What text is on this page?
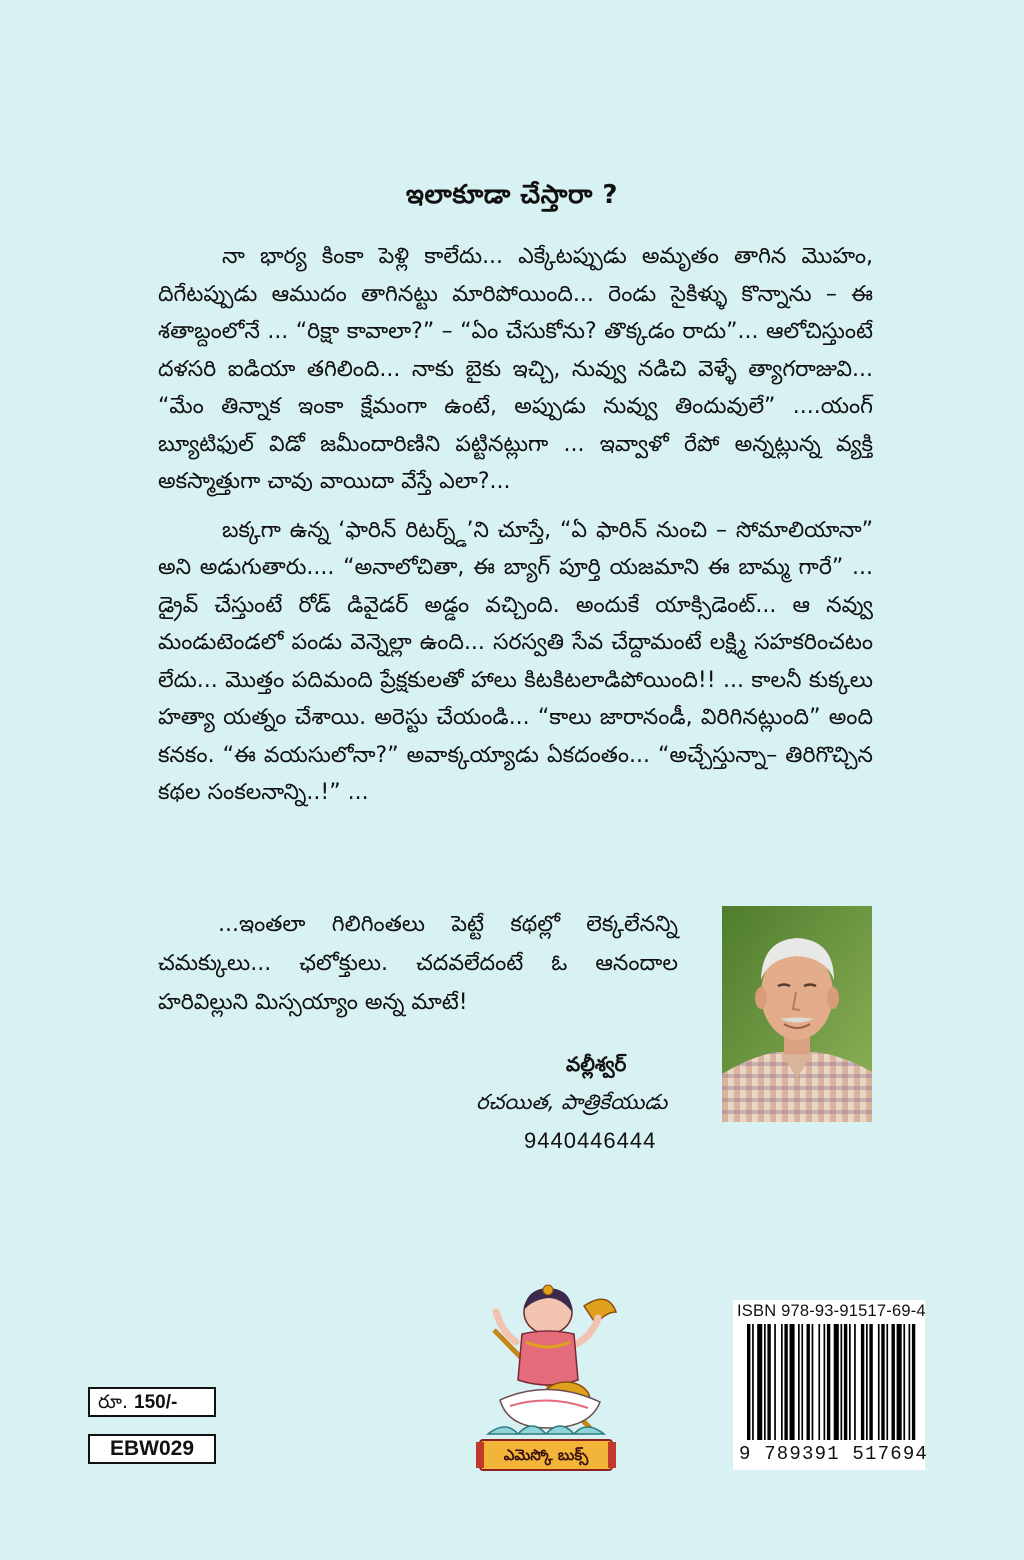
ఇలాకూడా చేస్తారా ?

నా భార్య కింకా పెళ్లి కాలేదు... ఎక్కేటప్పుడు అమృతం తాగిన మొహం, దిగేటప్పుడు ఆముదం తాగినట్టు మారిపోయింది... రెండు సైకిళ్ళు కొన్నాను – ఈ శతాబ్దంలోనే ... “రిక్షా కావాలా?” – “ఏం చేసుకోను? తొక్కడం రాదు”... ఆలోచిస్తుంటే దళసరి ఐడియా తగిలింది... నాకు బైకు ఇచ్చి, నువ్వు నడిచి వెళ్ళే త్యాగరాజువి... “మేం తిన్నాక ఇంకా క్షేమంగా ఉంటే, అప్పుడు నువ్వు తిందువులే” ....యంగ్ బ్యూటిఫుల్ విడో జమీందారిణిని పట్టినట్లుగా ... ఇవ్వాళో రేపో అన్నట్లున్న వ్యక్తి అకస్మాత్తుగా చావు వాయిదా వేస్తే ఎలా?...

బక్కగా ఉన్న ‘ఫారిన్ రిటర్న్డ్’ని చూస్తే, “ఏ ఫారిన్ నుంచి – సోమాలియానా” అని అడుగుతారు.... “అనాలోచితా, ఈ బ్యాగ్ పూర్తి యజమాని ఈ బామ్మ గారే” ... డ్రైవ్ చేస్తుంటే రోడ్ డివైడర్ అడ్డం వచ్చింది. అందుకే యాక్సిడెంట్... ఆ నవ్వు మండుటెండలో పండు వెన్నెల్లా ఉంది... సరస్వతి సేవ చేద్దామంటే లక్ష్మి సహకరించటం లేదు... మొత్తం పదిమంది ప్రేక్షకులతో హాలు కిటకిటలాడిపోయింది!! ... కాలనీ కుక్కలు హత్యా యత్నం చేశాయి. అరెస్టు చేయండి... “కాలు జారానండీ, విరిగినట్లుంది” అంది కనకం. “ఈ వయసులోనా?” అవాక్కయ్యాడు ఏకదంతం... “అచ్చేస్తున్నా– తిరిగొచ్చిన కథల సంకలనాన్ని..!” ...

...ఇంతలా గిలిగింతలు పెట్టే కథల్లో లెక్కలేనన్ని చమక్కులు... ఛలోక్తులు. చదవలేదంటే ఓ ఆనందాల హరివిల్లుని మిస్సయ్యాం అన్న మాటే!

వల్లీశ్వర్
రచయిత, పాత్రికేయుడు
9440446444
ఎమెస్కో బుక్స్
రూ. 150/-
EBW029
ISBN 978-93-91517-69-4
9 789391 517694
